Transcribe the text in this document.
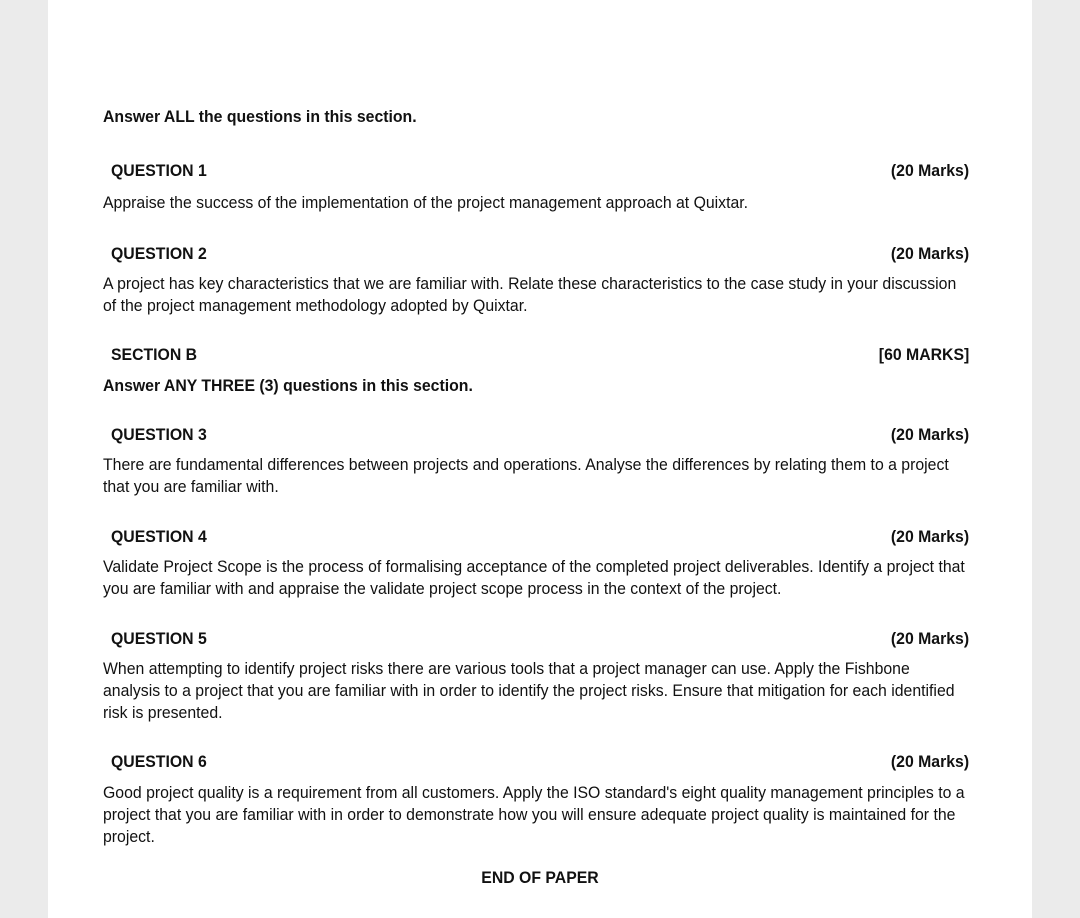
Answer ALL the questions in this section.
QUESTION 1	(20 Marks)
Appraise the success of the implementation of the project management approach at Quixtar.
QUESTION 2	(20 Marks)
A project has key characteristics that we are familiar with. Relate these characteristics to the case study in your discussion
of the project management methodology adopted by Quixtar.
SECTION B	[60 MARKS]
Answer ANY THREE (3) questions in this section.
QUESTION 3	(20 Marks)
There are fundamental differences between projects and operations. Analyse the differences by relating them to a project
that you are familiar with.
QUESTION 4	(20 Marks)
Validate Project Scope is the process of formalising acceptance of the completed project deliverables. Identify a project that
you are familiar with and appraise the validate project scope process in the context of the project.
QUESTION 5	(20 Marks)
When attempting to identify project risks there are various tools that a project manager can use. Apply the Fishbone
analysis to a project that you are familiar with in order to identify the project risks. Ensure that mitigation for each identified
risk is presented.
QUESTION 6	(20 Marks)
Good project quality is a requirement from all customers. Apply the ISO standard's eight quality management principles to a
project that you are familiar with in order to demonstrate how you will ensure adequate project quality is maintained for the
project.
END OF PAPER
